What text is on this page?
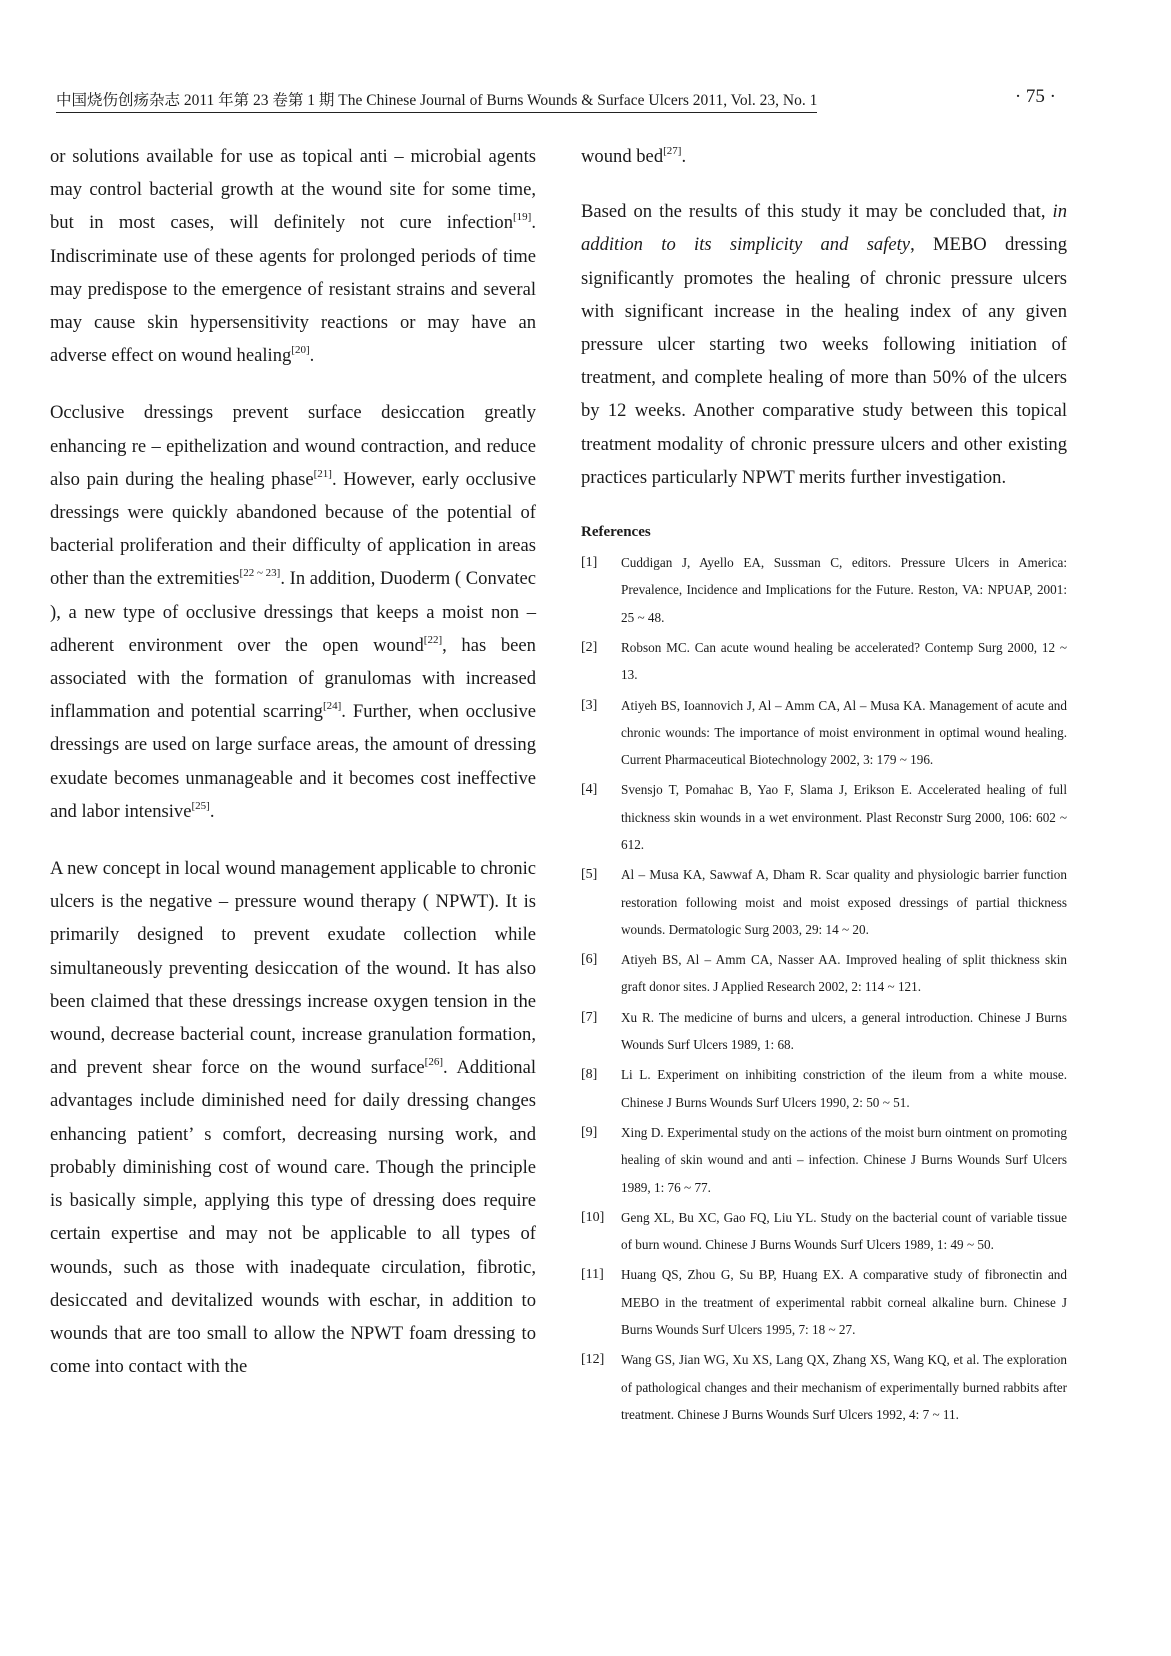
中国烧伤创疡杂志 2011 年第 23 卷第 1 期 The Chinese Journal of Burns Wounds & Surface Ulcers 2011, Vol. 23, No. 1	· 75 ·

or solutions available for use as topical anti – microbial agents may control bacterial growth at the wound site for some time, but in most cases, will definitely not cure infection[19]. Indiscriminate use of these agents for prolonged periods of time may predispose to the emergence of resistant strains and several may cause skin hypersensitivity reactions or may have an adverse effect on wound healing[20].

Occlusive dressings prevent surface desiccation greatly enhancing re – epithelization and wound contraction, and reduce also pain during the healing phase[21]. However, early occlusive dressings were quickly abandoned because of the potential of bacterial proliferation and their difficulty of application in areas other than the extremities[22 ~ 23]. In addition, Duoderm ( Convatec ), a new type of occlusive dressings that keeps a moist non – adherent environment over the open wound[22], has been associated with the formation of granulomas with increased inflammation and potential scarring[24]. Further, when occlusive dressings are used on large surface areas, the amount of dressing exudate becomes unmanageable and it becomes cost ineffective and labor intensive[25].

A new concept in local wound management applicable to chronic ulcers is the negative – pressure wound therapy ( NPWT). It is primarily designed to prevent exudate collection while simultaneously preventing desiccation of the wound. It has also been claimed that these dressings increase oxygen tension in the wound, decrease bacterial count, increase granulation formation, and prevent shear force on the wound surface[26]. Additional advantages include diminished need for daily dressing changes enhancing patient’ s comfort, decreasing nursing work, and probably diminishing cost of wound care. Though the principle is basically simple, applying this type of dressing does require certain expertise and may not be applicable to all types of wounds, such as those with inadequate circulation, fibrotic, desiccated and devitalized wounds with eschar, in addition to wounds that are too small to allow the NPWT foam dressing to come into contact with the

wound bed[27].

Based on the results of this study it may be concluded that, in addition to its simplicity and safety, MEBO dressing significantly promotes the healing of chronic pressure ulcers with significant increase in the healing index of any given pressure ulcer starting two weeks following initiation of treatment, and complete healing of more than 50% of the ulcers by 12 weeks. Another comparative study between this topical treatment modality of chronic pressure ulcers and other existing practices particularly NPWT merits further investigation.

References
[1] Cuddigan J, Ayello EA, Sussman C, editors. Pressure Ulcers in America: Prevalence, Incidence and Implications for the Future. Reston, VA: NPUAP, 2001: 25 ~ 48.
[2] Robson MC. Can acute wound healing be accelerated? Contemp Surg 2000, 12 ~ 13.
[3] Atiyeh BS, Ioannovich J, Al – Amm CA, Al – Musa KA. Management of acute and chronic wounds: The importance of moist environment in optimal wound healing. Current Pharmaceutical Biotechnology 2002, 3: 179 ~ 196.
[4] Svensjo T, Pomahac B, Yao F, Slama J, Erikson E. Accelerated healing of full thickness skin wounds in a wet environment. Plast Reconstr Surg 2000, 106: 602 ~ 612.
[5] Al – Musa KA, Sawwaf A, Dham R. Scar quality and physiologic barrier function restoration following moist and moist exposed dressings of partial thickness wounds. Dermatologic Surg 2003, 29: 14 ~ 20.
[6] Atiyeh BS, Al – Amm CA, Nasser AA. Improved healing of split thickness skin graft donor sites. J Applied Research 2002, 2: 114 ~ 121.
[7] Xu R. The medicine of burns and ulcers, a general introduction. Chinese J Burns Wounds Surf Ulcers 1989, 1: 68.
[8] Li L. Experiment on inhibiting constriction of the ileum from a white mouse. Chinese J Burns Wounds Surf Ulcers 1990, 2: 50 ~ 51.
[9] Xing D. Experimental study on the actions of the moist burn ointment on promoting healing of skin wound and anti – infection. Chinese J Burns Wounds Surf Ulcers 1989, 1: 76 ~ 77.
[10] Geng XL, Bu XC, Gao FQ, Liu YL. Study on the bacterial count of variable tissue of burn wound. Chinese J Burns Wounds Surf Ulcers 1989, 1: 49 ~ 50.
[11] Huang QS, Zhou G, Su BP, Huang EX. A comparative study of fibronectin and MEBO in the treatment of experimental rabbit corneal alkaline burn. Chinese J Burns Wounds Surf Ulcers 1995, 7: 18 ~ 27.
[12] Wang GS, Jian WG, Xu XS, Lang QX, Zhang XS, Wang KQ, et al. The exploration of pathological changes and their mechanism of experimentally burned rabbits after treatment. Chinese J Burns Wounds Surf Ulcers 1992, 4: 7 ~ 11.
